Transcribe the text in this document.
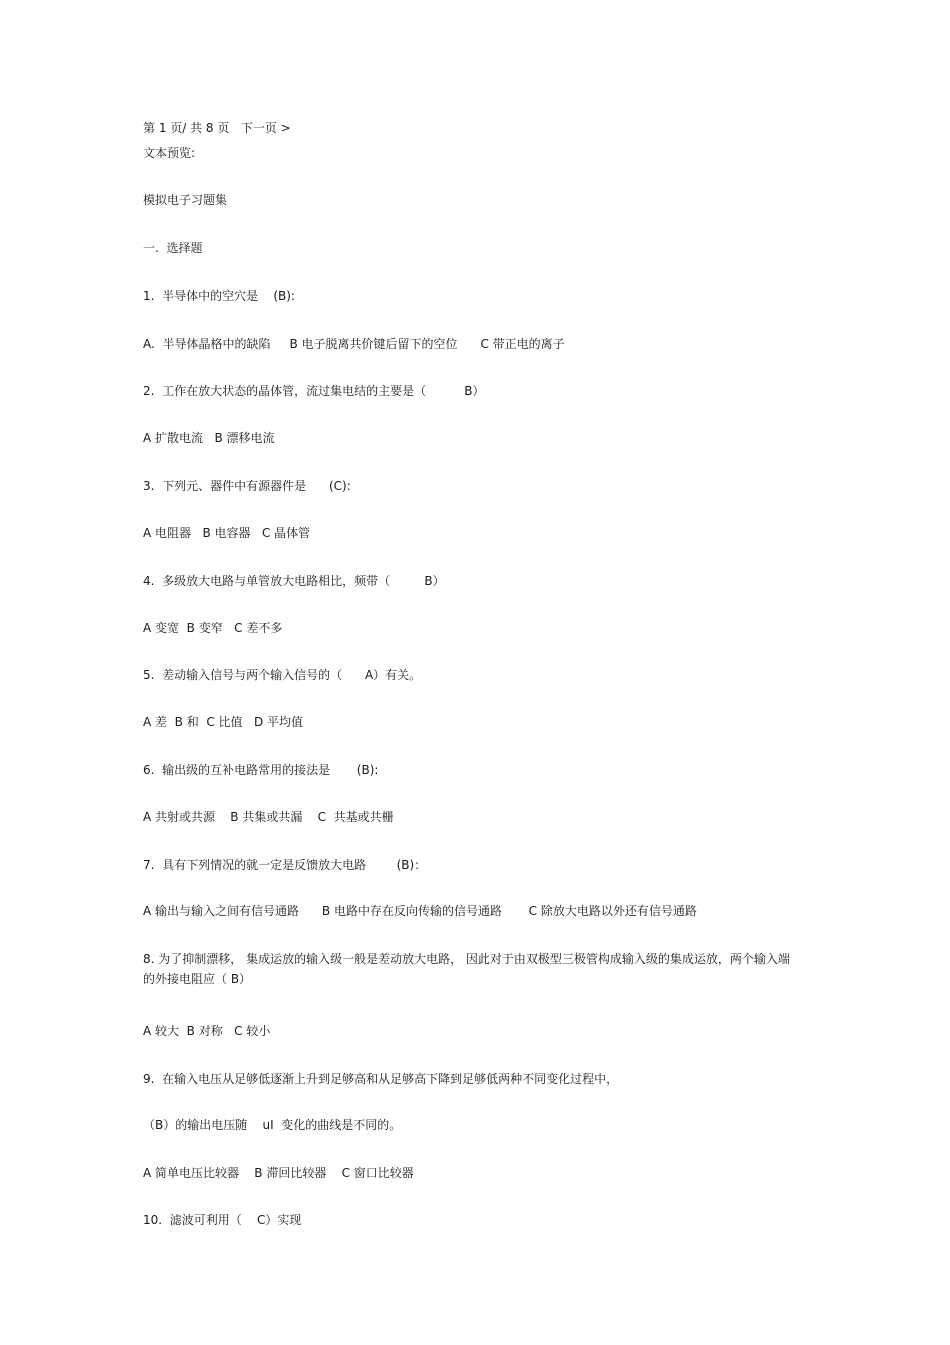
第 1 页/ 共 8 页 下一页 >
文本预览:
模拟电子习题集
一.  选择题
1.  半导体中的空穴是    (B):
A.  半导体晶格中的缺陷     B 电子脱离共价键后留下的空位      C 带正电的离子
2.  工作在放大状态的晶体管，流过集电结的主要是（          B）
A 扩散电流   B 漂移电流
3.  下列元、器件中有源器件是      (C):
A 电阻器   B 电容器   C 晶体管
4.  多级放大电路与单管放大电路相比，频带（         B）
A 变宽  B 变窄   C 差不多
5.  差动输入信号与两个输入信号的（      A）有关。
A 差  B 和  C 比值   D 平均值
6.  输出级的互补电路常用的接法是       (B):
A 共射或共源    B 共集或共漏    C  共基或共栅
7.  具有下列情况的就一定是反馈放大电路        (B)：
A 输出与输入之间有信号通路      B 电路中存在反向传输的信号通路       C 除放大电路以外还有信号通路
8. 为了抑制漂移， 集成运放的输入级一般是差动放大电路， 因此对于由双极型三极管构成输入级的集成运放，两个输入端的外接电阻应（ B）
A 较大  B 对称   C 较小
9.  在输入电压从足够低逐渐上升到足够高和从足够高下降到足够低两种不同变化过程中，
（B）的输出电压随    uI  变化的曲线是不同的。
A 简单电压比较器    B 滞回比较器    C 窗口比较器
10.  滤波可利用（    C）实现
